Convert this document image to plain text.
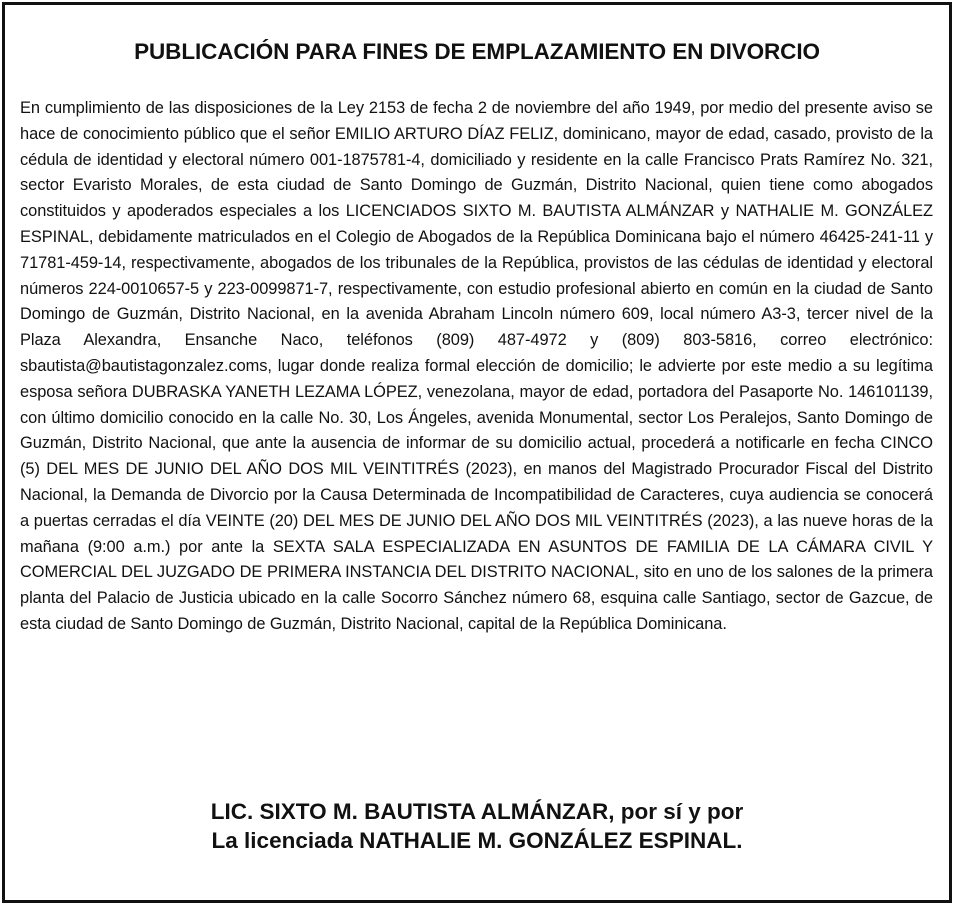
PUBLICACIÓN PARA FINES DE EMPLAZAMIENTO EN DIVORCIO
En cumplimiento de las disposiciones de la Ley 2153 de fecha 2 de noviembre del año 1949, por medio del presente aviso se hace de conocimiento público que el señor EMILIO ARTURO DÍAZ FELIZ, dominicano, mayor de edad, casado, provisto de la cédula de identidad y electoral número 001-1875781-4, domiciliado y residente en la calle Francisco Prats Ramírez No. 321, sector Evaristo Morales, de esta ciudad de Santo Domingo de Guzmán, Distrito Nacional, quien tiene como abogados constituidos y apoderados especiales a los LICENCIADOS SIXTO M. BAUTISTA ALMÁNZAR y NATHALIE M. GONZÁLEZ ESPINAL, debidamente matriculados en el Colegio de Abogados de la República Dominicana bajo el número 46425-241-11 y 71781-459-14, respectivamente, abogados de los tribunales de la República, provistos de las cédulas de identidad y electoral números 224-0010657-5 y 223-0099871-7, respectivamente, con estudio profesional abierto en común en la ciudad de Santo Domingo de Guzmán, Distrito Nacional, en la avenida Abraham Lincoln número 609, local número A3-3, tercer nivel de la Plaza Alexandra, Ensanche Naco, teléfonos (809) 487-4972 y (809) 803-5816, correo electrónico: sbautista@bautistagonzalez.coms, lugar donde realiza formal elección de domicilio; le advierte por este medio a su legítima esposa señora DUBRASKA YANETH LEZAMA LÓPEZ, venezolana, mayor de edad, portadora del Pasaporte No. 146101139, con último domicilio conocido en la calle No. 30, Los Ángeles, avenida Monumental, sector Los Peralejos, Santo Domingo de Guzmán, Distrito Nacional, que ante la ausencia de informar de su domicilio actual, procederá a notificarle en fecha CINCO (5) DEL MES DE JUNIO DEL AÑO DOS MIL VEINTITRÉS (2023), en manos del Magistrado Procurador Fiscal del Distrito Nacional, la Demanda de Divorcio por la Causa Determinada de Incompatibilidad de Caracteres, cuya audiencia se conocerá a puertas cerradas el día VEINTE (20) DEL MES DE JUNIO DEL AÑO DOS MIL VEINTITRÉS (2023), a las nueve horas de la mañana (9:00 a.m.) por ante la SEXTA SALA ESPECIALIZADA EN ASUNTOS DE FAMILIA DE LA CÁMARA CIVIL Y COMERCIAL DEL JUZGADO DE PRIMERA INSTANCIA DEL DISTRITO NACIONAL, sito en uno de los salones de la primera planta del Palacio de Justicia ubicado en la calle Socorro Sánchez número 68, esquina calle Santiago, sector de Gazcue, de esta ciudad de Santo Domingo de Guzmán, Distrito Nacional, capital de la República Dominicana.
LIC. SIXTO M. BAUTISTA ALMÁNZAR, por sí y por
La licenciada NATHALIE M. GONZÁLEZ ESPINAL.
